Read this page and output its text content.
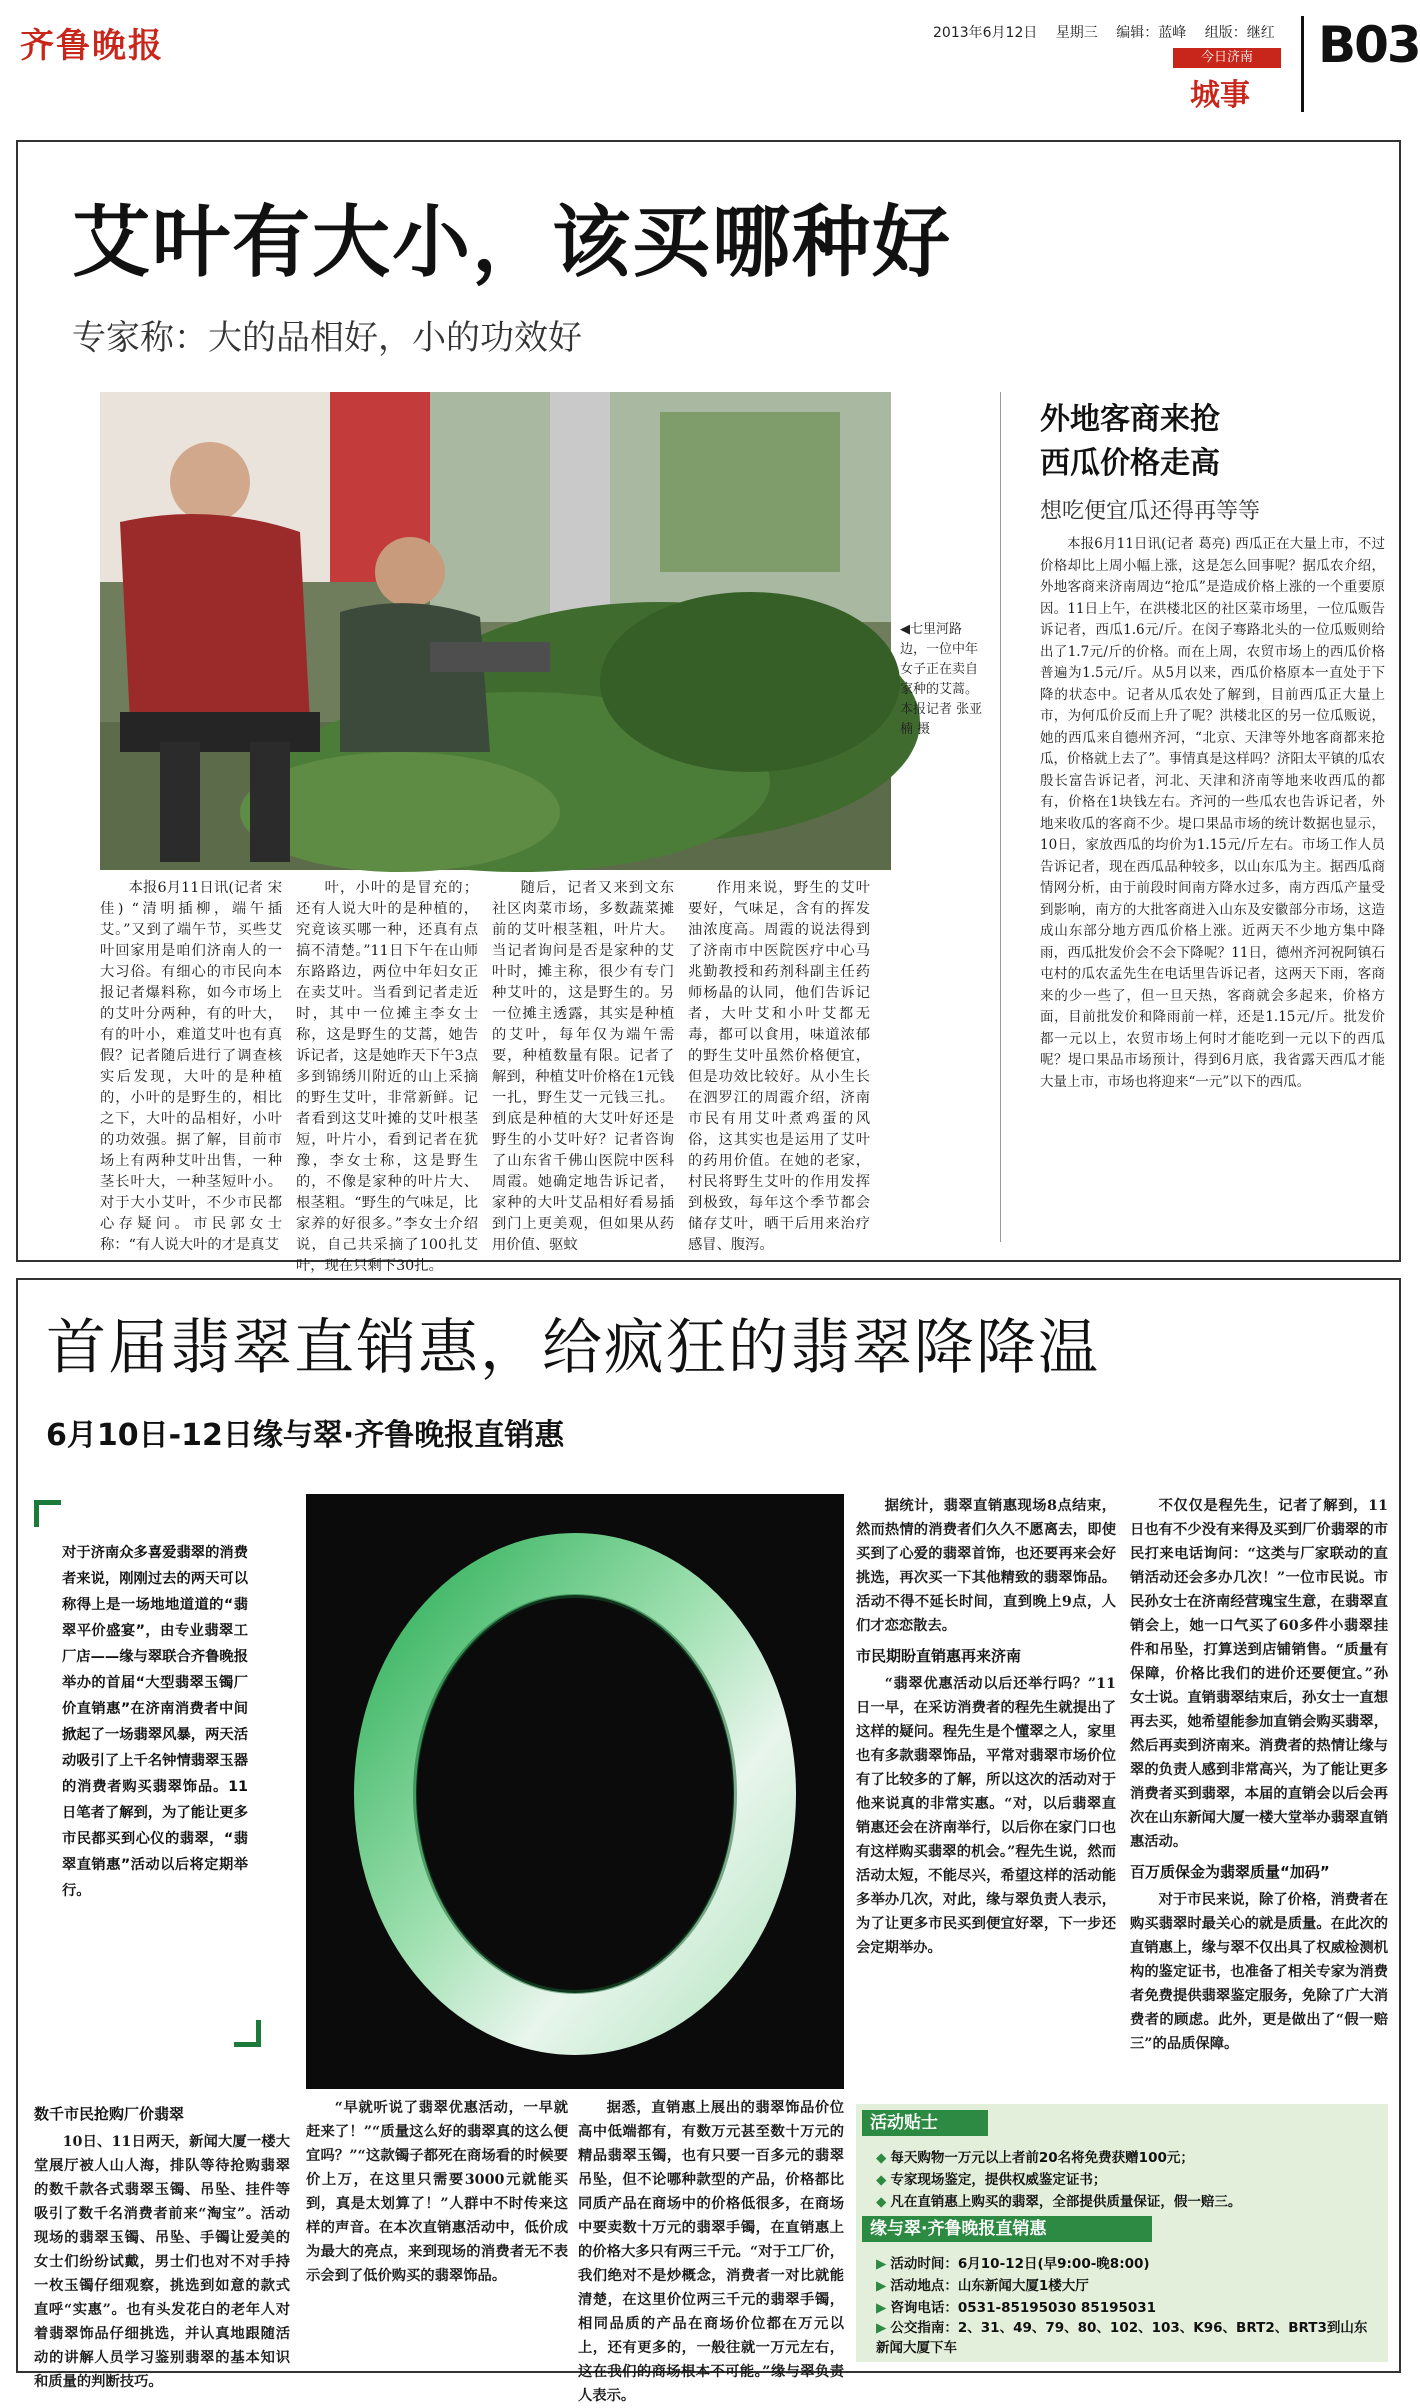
齐鲁晚报	2013年6月12日 星期三 编辑：蓝峰 组版：继红
今日济南
城事
B03
艾叶有大小，该买哪种好
专家称：大的品相好，小的功效好
◀七里河路边，一位中年女子正在卖自家种的艾蒿。本报记者 张亚楠 摄

本报6月11日讯(记者 宋佳) “清明插柳，端午插艾。”又到了端午节，买些艾叶回家用是咱们济南人的一大习俗。有细心的市民向本报记者爆料称，如今市场上的艾叶分两种，有的叶大，有的叶小，难道艾叶也有真假？记者随后进行了调查核实后发现，大叶的是种植的，小叶的是野生的，相比之下，大叶的品相好，小叶的功效强。据了解，目前市场上有两种艾叶出售，一种茎长叶大，一种茎短叶小。对于大小艾叶，不少市民都心存疑问。市民郭女士称：“有人说大叶的才是真艾

叶，小叶的是冒充的；还有人说大叶的是种植的，究竟该买哪一种，还真有点搞不清楚。”11日下午在山师东路路边，两位中年妇女正在卖艾叶。当看到记者走近时，其中一位摊主李女士称，这是野生的艾蒿，她告诉记者，这是她昨天下午3点多到锦绣川附近的山上采摘的野生艾叶，非常新鲜。记者看到这艾叶摊的艾叶根茎短，叶片小，看到记者在犹豫，李女士称，这是野生的，不像是家种的叶片大、根茎粗。“野生的气味足，比家养的好很多。”李女士介绍说，自己共采摘了100扎艾叶，现在只剩下30扎。

随后，记者又来到文东社区肉菜市场，多数蔬菜摊前的艾叶根茎粗，叶片大。当记者询问是否是家种的艾叶时，摊主称，很少有专门种艾叶的，这是野生的。另一位摊主透露，其实是种植的艾叶，每年仅为端午需要，种植数量有限。记者了解到，种植艾叶价格在1元钱一扎，野生艾一元钱三扎。到底是种植的大艾叶好还是野生的小艾叶好？记者咨询了山东省千佛山医院中医科周霞。她确定地告诉记者，家种的大叶艾品相好看易插到门上更美观，但如果从药用价值、驱蚊

作用来说，野生的艾叶要好，气味足，含有的挥发油浓度高。周霞的说法得到了济南市中医院医疗中心马兆勤教授和药剂科副主任药师杨晶的认同，他们告诉记者，大叶艾和小叶艾都无毒，都可以食用，味道浓郁的野生艾叶虽然价格便宜，但是功效比较好。从小生长在泗罗江的周霞介绍，济南市民有用艾叶煮鸡蛋的风俗，这其实也是运用了艾叶的药用价值。在她的老家，村民将野生艾叶的作用发挥到极致，每年这个季节都会储存艾叶，晒干后用来治疗感冒、腹泻。

外地客商来抢
西瓜价格走高
想吃便宜瓜还得再等等

本报6月11日讯(记者 葛亮) 西瓜正在大量上市，不过价格却比上周小幅上涨，这是怎么回事呢？据瓜农介绍，外地客商来济南周边“抢瓜”是造成价格上涨的一个重要原因。11日上午，在洪楼北区的社区菜市场里，一位瓜贩告诉记者，西瓜1.6元/斤。在闵子骞路北头的一位瓜贩则给出了1.7元/斤的价格。而在上周，农贸市场上的西瓜价格普遍为1.5元/斤。从5月以来，西瓜价格原本一直处于下降的状态中。记者从瓜农处了解到，目前西瓜正大量上市，为何瓜价反而上升了呢？洪楼北区的另一位瓜贩说，她的西瓜来自德州齐河，“北京、天津等外地客商都来抢瓜，价格就上去了”。事情真是这样吗？济阳太平镇的瓜农殷长富告诉记者，河北、天津和济南等地来收西瓜的都有，价格在1块钱左右。齐河的一些瓜农也告诉记者，外地来收瓜的客商不少。堤口果品市场的统计数据也显示，10日，家放西瓜的均价为1.15元/斤左右。市场工作人员告诉记者，现在西瓜品种较多，以山东瓜为主。据西瓜商情网分析，由于前段时间南方降水过多，南方西瓜产量受到影响，南方的大批客商进入山东及安徽部分市场，这造成山东部分地方西瓜价格上涨。近两天不少地方集中降雨，西瓜批发价会不会下降呢？11日，德州齐河祝阿镇石屯村的瓜农孟先生在电话里告诉记者，这两天下雨，客商来的少一些了，但一旦天热，客商就会多起来，价格方面，目前批发价和降雨前一样，还是1.15元/斤。批发价都一元以上，农贸市场上何时才能吃到一元以下的西瓜呢？堤口果品市场预计，得到6月底，我省露天西瓜才能大量上市，市场也将迎来“一元”以下的西瓜。

首届翡翠直销惠，给疯狂的翡翠降降温
6月10日-12日缘与翠·齐鲁晚报直销惠
对于济南众多喜爱翡翠的消费者来说，刚刚过去的两天可以称得上是一场地地道道的“翡翠平价盛宴”，由专业翡翠工厂店——缘与翠联合齐鲁晚报举办的首届“大型翡翠玉镯厂价直销惠”在济南消费者中间掀起了一场翡翠风暴，两天活动吸引了上千名钟情翡翠玉器的消费者购买翡翠饰品。11日笔者了解到，为了能让更多市民都买到心仪的翡翠，“翡翠直销惠”活动以后将定期举行。
数千市民抢购厂价翡翠

10日、11日两天，新闻大厦一楼大堂展厅被人山人海，排队等待抢购翡翠的数千款各式翡翠玉镯、吊坠、挂件等吸引了数千名消费者前来“淘宝”。活动现场的翡翠玉镯、吊坠、手镯让爱美的女士们纷纷试戴，男士们也对不对手持一枚玉镯仔细观察，挑选到如意的款式直呼“实惠”。也有头发花白的老年人对着翡翠饰品仔细挑选，并认真地跟随活动的讲解人员学习鉴别翡翠的基本知识和质量的判断技巧。

“早就听说了翡翠优惠活动，一早就赶来了！”“质量这么好的翡翠真的这么便宜吗？”“这款镯子都死在商场看的时候要价上万，在这里只需要3000元就能买到，真是太划算了！”人群中不时传来这样的声音。在本次直销惠活动中，低价成为最大的亮点，来到现场的消费者无不表示会到了低价购买的翡翠饰品。

据悉，直销惠上展出的翡翠饰品价位高中低端都有，有数万元甚至数十万元的精品翡翠玉镯，也有只要一百多元的翡翠吊坠，但不论哪种款型的产品，价格都比同质产品在商场中的价格低很多，在商场中要卖数十万元的翡翠手镯，在直销惠上的价格大多只有两三千元。“对于工厂价，我们绝对不是炒概念，消费者一对比就能清楚，在这里价位两三千元的翡翠手镯，相同品质的产品在商场价位都在万元以上，还有更多的，一般往就一万元左右，这在我们的商场根本不可能。”缘与翠负责人表示。

据统计，翡翠直销惠现场8点结束，然而热情的消费者们久久不愿离去，即使买到了心爱的翡翠首饰，也还要再来会好挑选，再次买一下其他精致的翡翠饰品。活动不得不延长时间，直到晚上9点，人们才恋恋散去。

市民期盼直销惠再来济南

“翡翠优惠活动以后还举行吗？”11日一早，在采访消费者的程先生就提出了这样的疑问。程先生是个懂翠之人，家里也有多款翡翠饰品，平常对翡翠市场价位有了比较多的了解，所以这次的活动对于他来说真的非常实惠。“对，以后翡翠直销惠还会在济南举行，以后你在家门口也有这样购买翡翠的机会。”程先生说，然而活动太短，不能尽兴，希望这样的活动能多举办几次，对此，缘与翠负责人表示，为了让更多市民买到便宜好翠，下一步还会定期举办。

不仅仅是程先生，记者了解到，11日也有不少没有来得及买到厂价翡翠的市民打来电话询问：“这类与厂家联动的直销活动还会多办几次！”一位市民说。市民孙女士在济南经营瑰宝生意，在翡翠直销会上，她一口气买了60多件小翡翠挂件和吊坠，打算送到店铺销售。“质量有保障，价格比我们的进价还要便宜。”孙女士说。直销翡翠结束后，孙女士一直想再去买，她希望能参加直销会购买翡翠，然后再卖到济南来。消费者的热情让缘与翠的负责人感到非常高兴，为了能让更多消费者买到翡翠，本届的直销会以后会再次在山东新闻大厦一楼大堂举办翡翠直销惠活动。

百万质保金为翡翠质量“加码”

对于市民来说，除了价格，消费者在购买翡翠时最关心的就是质量。在此次的直销惠上，缘与翠不仅出具了权威检测机构的鉴定证书，也准备了相关专家为消费者免费提供翡翠鉴定服务，免除了广大消费者的顾虑。此外，更是做出了“假一赔三”的品质保障。

活动贴士
◆ 每天购物一万元以上者前20名将免费获赠100元；
◆ 专家现场鉴定，提供权威鉴定证书；
◆ 凡在直销惠上购买的翡翠，全部提供质量保证，假一赔三。
缘与翠·齐鲁晚报直销惠
▶ 活动时间：6月10-12日(早9:00-晚8:00)
▶ 活动地点：山东新闻大厦1楼大厅
▶ 咨询电话：0531-85195030 85195031
▶ 公交指南：2、31、49、79、80、102、103、K96、BRT2、BRT3到山东新闻大厦下车
